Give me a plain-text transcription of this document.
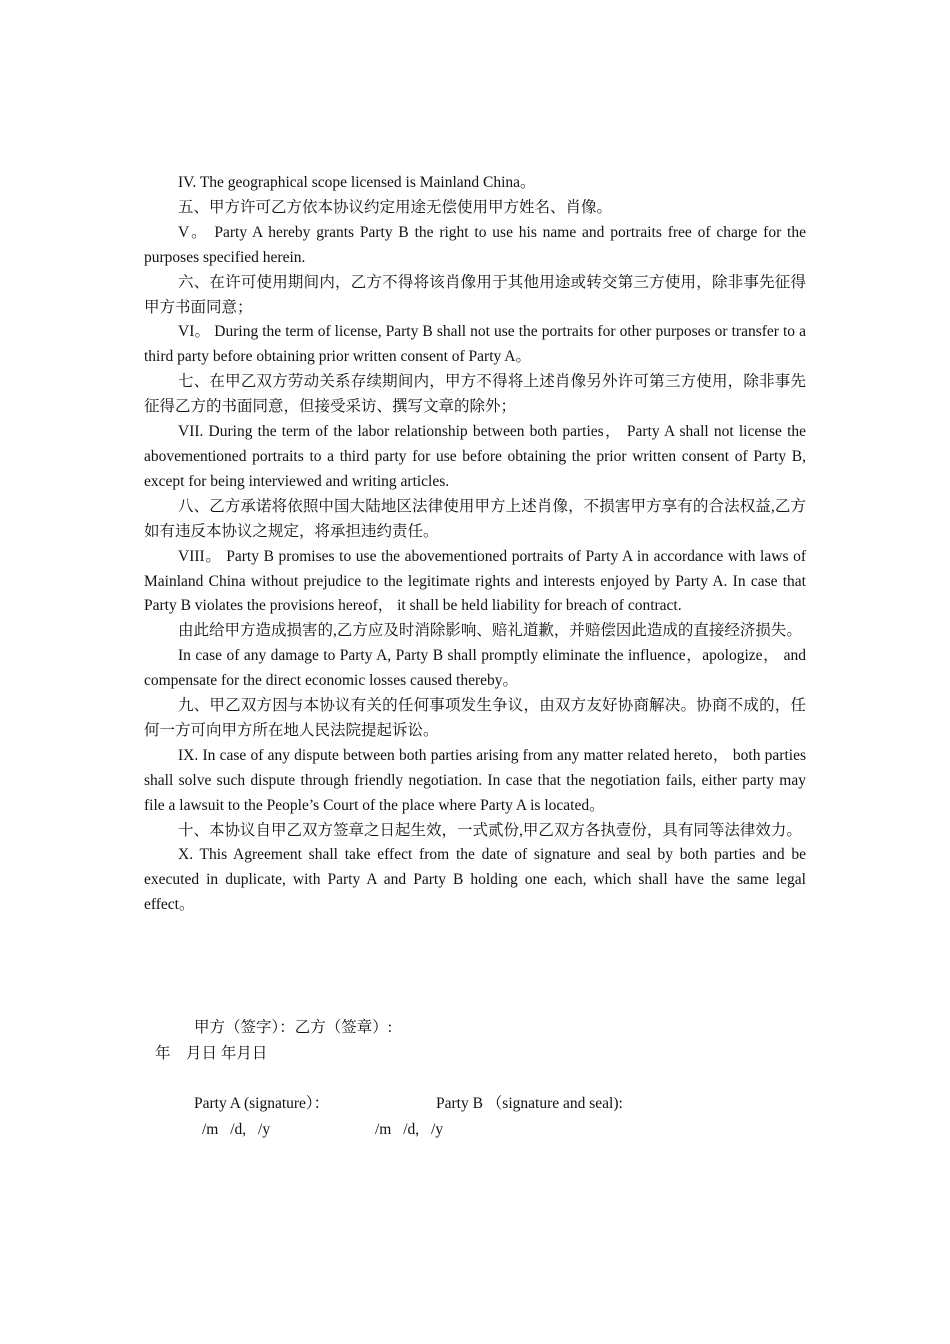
IV. The geographical scope licensed is Mainland China。

五、甲方许可乙方依本协议约定用途无偿使用甲方姓名、肖像。

V。 Party A hereby grants Party B the right to use his name and portraits free of charge for the purposes specified herein.

六、在许可使用期间内，乙方不得将该肖像用于其他用途或转交第三方使用，除非事先征得甲方书面同意；

VI。 During the term of license, Party B shall not use the portraits for other purposes or transfer to a third party before obtaining prior written consent of Party A。

七、在甲乙双方劳动关系存续期间内，甲方不得将上述肖像另外许可第三方使用，除非事先征得乙方的书面同意，但接受采访、撰写文章的除外；

VII. During the term of the labor relationship between both parties， Party A shall not license the abovementioned portraits to a third party for use before obtaining the prior written consent of Party B, except for being interviewed and writing articles.

八、乙方承诺将依照中国大陆地区法律使用甲方上述肖像，不损害甲方享有的合法权益,乙方如有违反本协议之规定，将承担违约责任。

VIII。 Party B promises to use the abovementioned portraits of Party A in accordance with laws of Mainland China without prejudice to the legitimate rights and interests enjoyed by Party A. In case that Party B violates the provisions hereof， it shall be held liability for breach of contract.

由此给甲方造成损害的,乙方应及时消除影响、赔礼道歉，并赔偿因此造成的直接经济损失。

In case of any damage to Party A, Party B shall promptly eliminate the influence，apologize， and compensate for the direct economic losses caused thereby。

九、甲乙双方因与本协议有关的任何事项发生争议，由双方友好协商解决。协商不成的，任何一方可向甲方所在地人民法院提起诉讼。

IX. In case of any dispute between both parties arising from any matter related hereto， both parties shall solve such dispute through friendly negotiation. In case that the negotiation fails, either party may file a lawsuit to the People’s Court of the place where Party A is located。

十、本协议自甲乙双方签章之日起生效，一式贰份,甲乙双方各执壹份，具有同等法律效力。

X. This Agreement shall take effect from the date of signature and seal by both parties and be executed in duplicate, with Party A and Party B holding one each, which shall have the same legal effect。

甲方（签字）：乙方（签章）:
年　月日 年月日
Party A (signature）：	Party B （signature and seal):
/m /d, /y	/m /d, /y
